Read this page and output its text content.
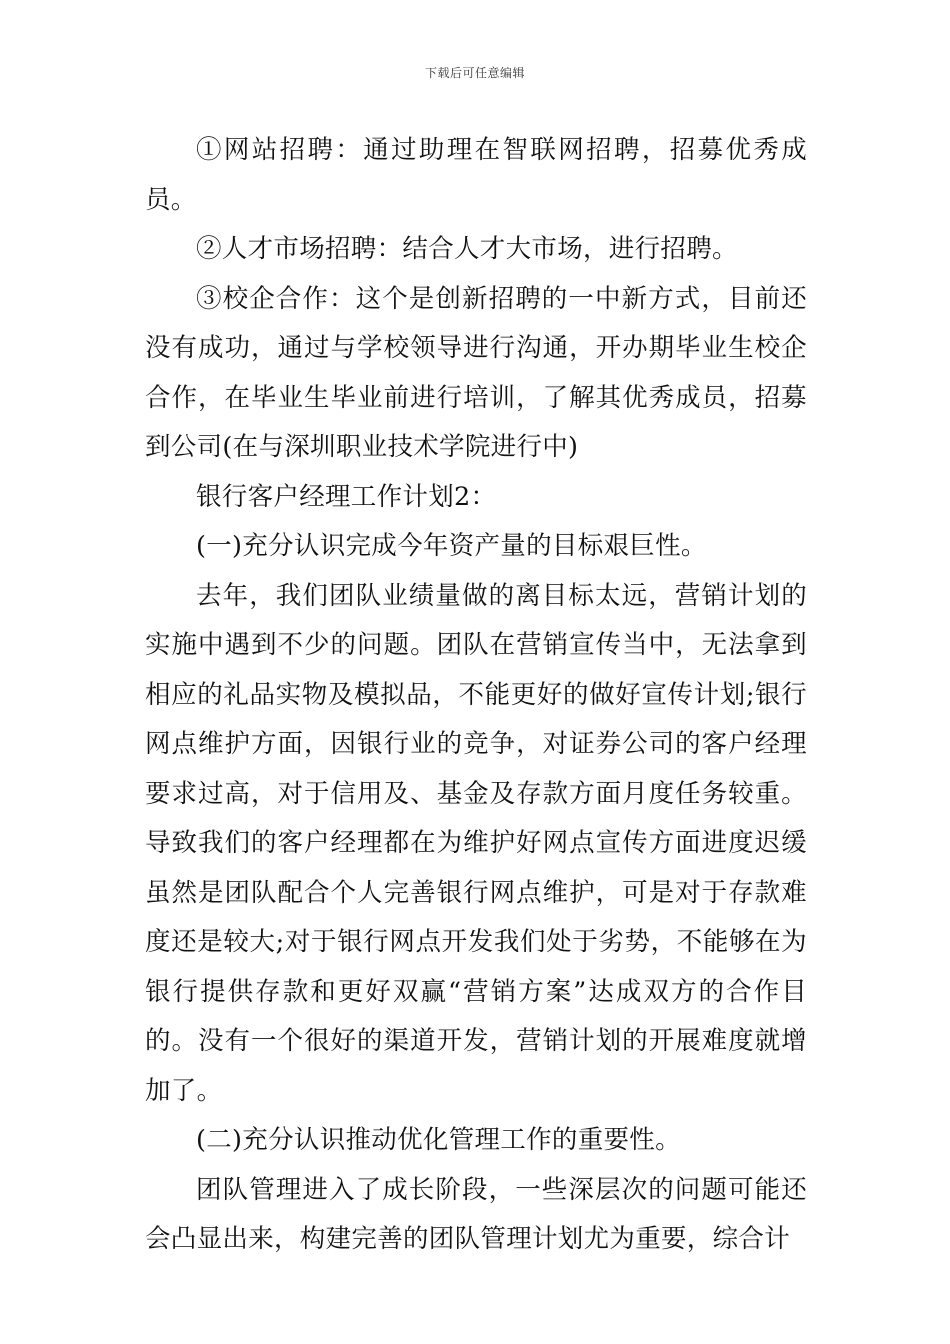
下载后可任意编辑

①网站招聘：通过助理在智联网招聘，招募优秀成员。

②人才市场招聘：结合人才大市场，进行招聘。

③校企合作：这个是创新招聘的一中新方式，目前还没有成功，通过与学校领导进行沟通，开办期毕业生校企合作，在毕业生毕业前进行培训，了解其优秀成员，招募到公司(在与深圳职业技术学院进行中)

银行客户经理工作计划2：

(一)充分认识完成今年资产量的目标艰巨性。

去年，我们团队业绩量做的离目标太远，营销计划的实施中遇到不少的问题。团队在营销宣传当中，无法拿到相应的礼品实物及模拟品，不能更好的做好宣传计划;银行网点维护方面，因银行业的竞争，对证券公司的客户经理要求过高，对于信用及、基金及存款方面月度任务较重。导致我们的客户经理都在为维护好网点宣传方面进度迟缓虽然是团队配合个人完善银行网点维护，可是对于存款难度还是较大;对于银行网点开发我们处于劣势，不能够在为银行提供存款和更好双赢“营销方案”达成双方的合作目的。没有一个很好的渠道开发，营销计划的开展难度就增加了。

(二)充分认识推动优化管理工作的重要性。

团队管理进入了成长阶段，一些深层次的问题可能还会凸显出来，构建完善的团队管理计划尤为重要，综合计
